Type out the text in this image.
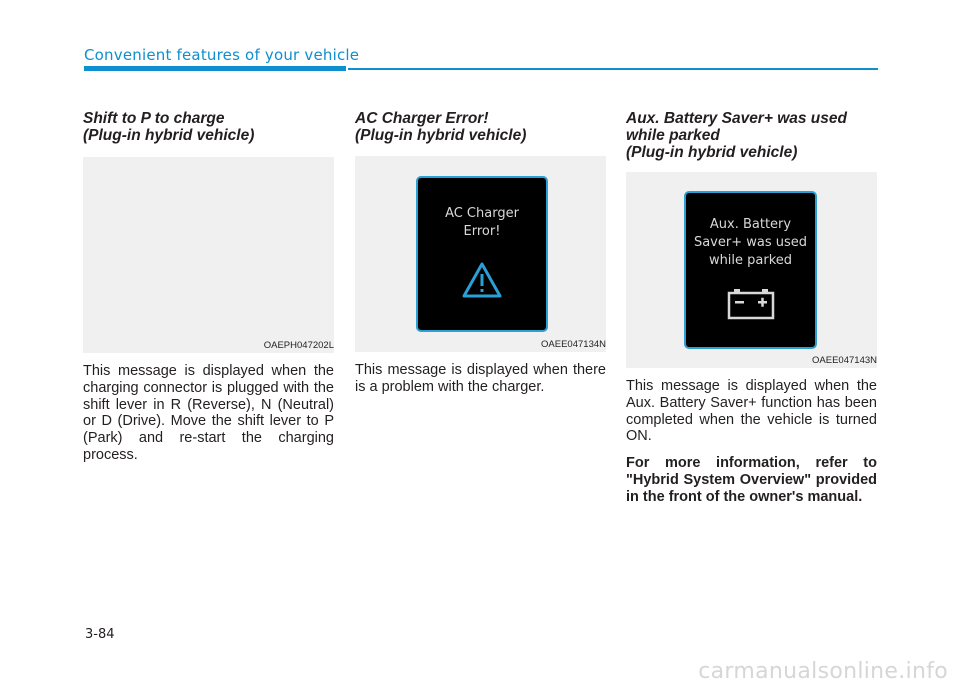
Convenient features of your vehicle
Shift to P to charge
(Plug-in hybrid vehicle)
OAEPH047202L

This message is displayed when the charging connector is plugged with the shift lever in R (Reverse), N (Neutral) or D (Drive). Move the shift lever to P (Park) and re-start the charging process.

AC Charger Error!
(Plug-in hybrid vehicle)
AC Charger
Error!
OAEE047134N

This message is displayed when there is a problem with the charger.

Aux. Battery Saver+ was used
while parked
(Plug-in hybrid vehicle)
Aux. Battery
Saver+ was used
while parked
OAEE047143N

This message is displayed when the Aux. Battery Saver+ function has been completed when the vehicle is turned ON.

For more information, refer to "Hybrid System Overview" provided in the front of the owner's manual.

3-84
carmanualsonline.info
